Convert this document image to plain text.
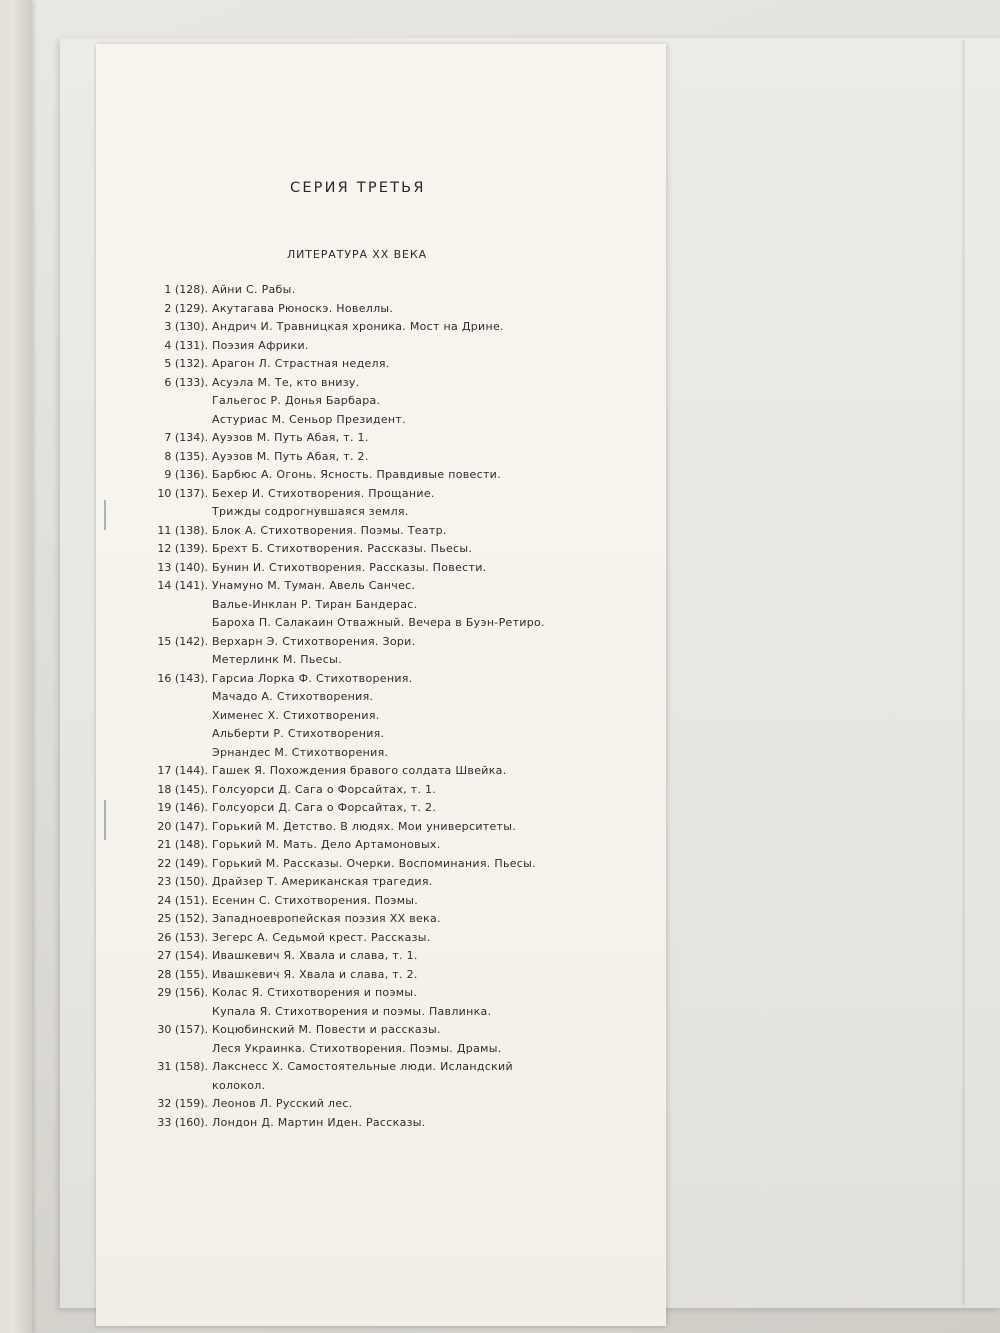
СЕРИЯ ТРЕТЬЯ
ЛИТЕРАТУРА XX ВЕКА
1 (128). Айни С. Рабы.
2 (129). Акутагава Рюноскэ. Новеллы.
3 (130). Андрич И. Травницкая хроника. Мост на Дрине.
4 (131). Поэзия Африки.
5 (132). Арагон Л. Страстная неделя.
6 (133). Асуэла М. Те, кто внизу.
Гальегос Р. Донья Барбара.
Астуриас М. Сеньор Президент.
7 (134). Ауэзов М. Путь Абая, т. 1.
8 (135). Ауэзов М. Путь Абая, т. 2.
9 (136). Барбюс А. Огонь. Ясность. Правдивые повести.
10 (137). Бехер И. Стихотворения. Прощание.
Трижды содрогнувшаяся земля.
11 (138). Блок А. Стихотворения. Поэмы. Театр.
12 (139). Брехт Б. Стихотворения. Рассказы. Пьесы.
13 (140). Бунин И. Стихотворения. Рассказы. Повести.
14 (141). Унамуно М. Туман. Авель Санчес.
Валье-Инклан Р. Тиран Бандерас.
Бароха П. Салакаин Отважный. Вечера в Буэн-Ретиро.
15 (142). Верхарн Э. Стихотворения. Зори.
Метерлинк М. Пьесы.
16 (143). Гарсиа Лорка Ф. Стихотворения.
Мачадо А. Стихотворения.
Хименес Х. Стихотворения.
Альберти Р. Стихотворения.
Эрнандес М. Стихотворения.
17 (144). Гашек Я. Похождения бравого солдата Швейка.
18 (145). Голсуорси Д. Сага о Форсайтах, т. 1.
19 (146). Голсуорси Д. Сага о Форсайтах, т. 2.
20 (147). Горький М. Детство. В людях. Мои университеты.
21 (148). Горький М. Мать. Дело Артамоновых.
22 (149). Горький М. Рассказы. Очерки. Воспоминания. Пьесы.
23 (150). Драйзер Т. Американская трагедия.
24 (151). Есенин С. Стихотворения. Поэмы.
25 (152). Западноевропейская поэзия XX века.
26 (153). Зегерс А. Седьмой крест. Рассказы.
27 (154). Ивашкевич Я. Хвала и слава, т. 1.
28 (155). Ивашкевич Я. Хвала и слава, т. 2.
29 (156). Колас Я. Стихотворения и поэмы.
Купала Я. Стихотворения и поэмы. Павлинка.
30 (157). Коцюбинский М. Повести и рассказы.
Леся Украинка. Стихотворения. Поэмы. Драмы.
31 (158). Лакснесс Х. Самостоятельные люди. Исландский
колокол.
32 (159). Леонов Л. Русский лес.
33 (160). Лондон Д. Мартин Иден. Рассказы.
